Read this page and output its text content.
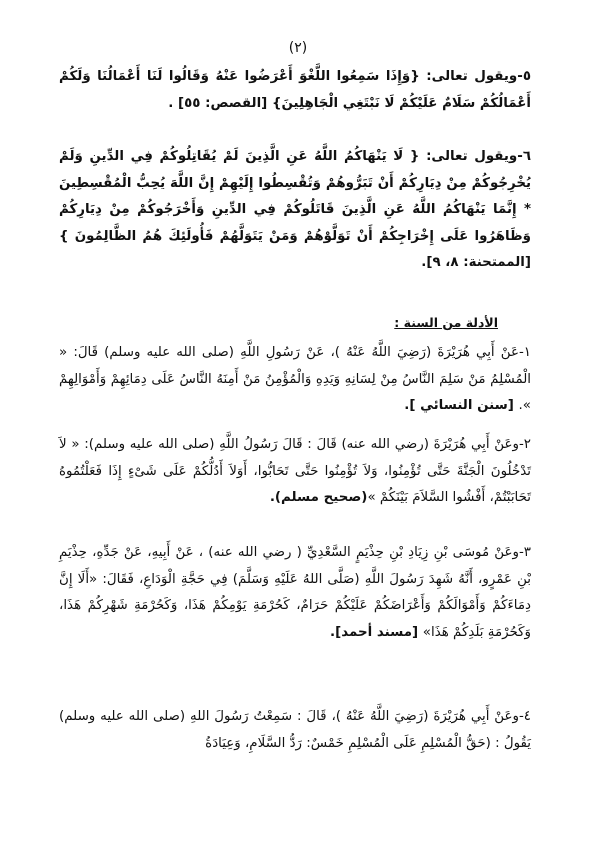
(٢)

٥-ويقول تعالى: {وَإِذَا سَمِعُوا اللَّغْوَ أَعْرَضُوا عَنْهُ وَقَالُوا لَنَا أَعْمَالُنَا وَلَكُمْ أَعْمَالُكُمْ سَلَامٌ عَلَيْكُمْ لَا نَبْتَغِي الْجَاهِلِينَ} [القصص: ٥٥] .

٦-ويقول تعالى: { لَا يَنْهَاكُمُ اللَّهُ عَنِ الَّذِينَ لَمْ يُقَاتِلُوكُمْ فِي الدِّينِ وَلَمْ يُخْرِجُوكُمْ مِنْ دِيَارِكُمْ أَنْ تَبَرُّوهُمْ وَتُقْسِطُوا إِلَيْهِمْ إِنَّ اللَّهَ يُحِبُّ الْمُقْسِطِينَ * إِنَّمَا يَنْهَاكُمُ اللَّهُ عَنِ الَّذِينَ قَاتَلُوكُمْ فِي الدِّينِ وَأَخْرَجُوكُمْ مِنْ دِيَارِكُمْ وَظَاهَرُوا عَلَى إِخْرَاجِكُمْ أَنْ تَوَلَّوْهُمْ وَمَنْ يَتَوَلَّهُمْ فَأُولَئِكَ هُمُ الظَّالِمُونَ } [الممتحنة: ٨، ٩].

الأدلة من السنة :

١-عَنْ أَبِي هُرَيْرَةَ (رَضِيَ اللَّهُ عَنْهُ )، عَنْ رَسُولِ اللَّهِ (صلى الله عليه وسلم) قَالَ: « الْمُسْلِمُ مَنْ سَلِمَ النَّاسُ مِنْ لِسَانِهِ وَيَدِهِ وَالْمُؤْمِنُ مَنْ أَمِنَهُ النَّاسُ عَلَى دِمَائِهِمْ وَأَمْوَالِهِمْ ». [سنن النسائي ].

٢-وعَنْ أَبِي هُرَيْرَةَ (رضي الله عنه) قَالَ : قَالَ رَسُولُ اللَّهِ (صلى الله عليه وسلم): « لاَ تَدْخُلُونَ الْجَنَّةَ حَتَّى تُؤْمِنُوا، وَلاَ تُؤْمِنُوا حَتَّى تَحَابُّوا، أَوَلاَ أَدُلُّكُمْ عَلَى شَىْءٍ إِذَا فَعَلْتُمُوهُ تَحَابَبْتُمْ، أَفْشُوا السَّلاَمَ بَيْنَكُمْ »(صحيح مسلم).

٣-وعَنْ مُوسَى بْنِ زِيَادِ بْنِ حِذْيَمٍ السَّعْدِيِّ ( رضي الله عنه) ، عَنْ أَبِيهِ، عَنْ جَدِّهِ، حِذْيَمِ بْنِ عَمْرٍو، أَنَّهُ شَهِدَ رَسُولَ اللَّهِ (صَلَّى اللهُ عَلَيْهِ وَسَلَّمَ) فِي حَجَّةِ الْوَدَاعِ، فَقَالَ: «أَلَا إِنَّ دِمَاءَكُمْ وَأَمْوَالَكُمْ وَأَعْرَاضَكُمْ عَلَيْكُمْ حَرَامٌ، كَحُرْمَةِ يَوْمِكُمْ هَذَا، وَكَحُرْمَةِ شَهْرِكُمْ هَذَا، وَكَحُرْمَةِ بَلَدِكُمْ هَذَا» [مسند أحمد].

٤-وعَنْ أَبِي هُرَيْرَةَ (رَضِيَ اللَّهُ عَنْهُ )، قَالَ : سَمِعْتُ رَسُولَ اللهِ (صلى الله عليه وسلم) يَقُولُ : (حَقُّ الْمُسْلِمِ عَلَى الْمُسْلِمِ خَمْسٌ: رَدُّ السَّلَامِ، وَعِيَادَةُ
